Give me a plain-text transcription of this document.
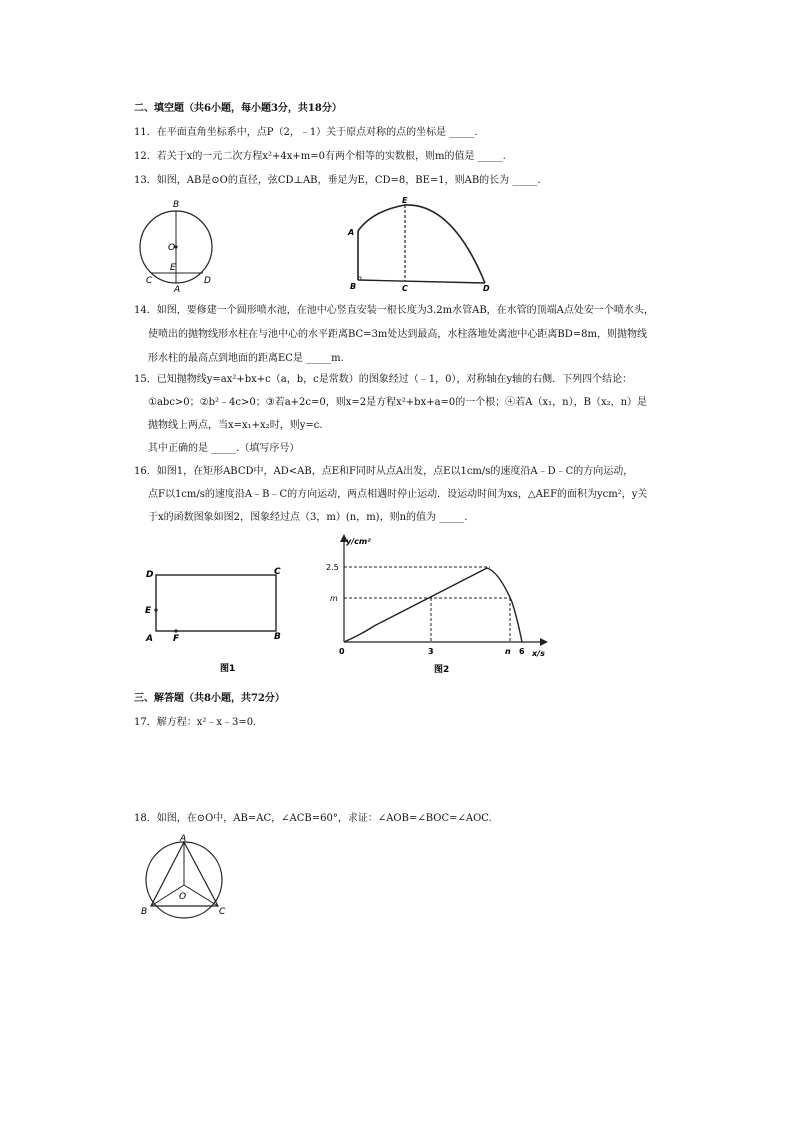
二、填空题（共6小题，每小题3分，共18分）
11．在平面直角坐标系中，点P（2，﹣1）关于原点对称的点的坐标是 _____.
12．若关于x的一元二次方程x²+4x+m=0有两个相等的实数根，则m的值是 _____.
13．如图，AB是⊙O的直径，弦CD⊥AB，垂足为E，CD=8，BE=1，则AB的长为 _____.
B
O
E
C	D
A
E
A
B	C	D
14．如图，要修建一个圆形喷水池，在池中心竖直安装一根长度为3.2m水管AB，在水管的顶端A点处安一个喷水头，
使喷出的抛物线形水柱在与池中心的水平距离BC=3m处达到最高，水柱落地处离池中心距离BD=8m，则抛物线
形水柱的最高点到地面的距离EC是 _____m.
15．已知抛物线y=ax²+bx+c（a，b，c是常数）的图象经过（﹣1，0），对称轴在y轴的右侧．下列四个结论：
①abc>0；②b²﹣4c>0；③若a+2c=0，则x=2是方程x²+bx+a=0的一个根；④若A（x₁，n），B（x₂，n）是
抛物线上两点，当x=x₁+x₂时，则y=c.
其中正确的是 _____.（填写序号）
16．如图1，在矩形ABCD中，AD<AB，点E和F同时从点A出发，点E以1cm/s的速度沿A﹣D﹣C的方向运动，
点F以1cm/s的速度沿A﹣B﹣C的方向运动，两点相遇时停止运动．设运动时间为xs，△AEF的面积为ycm²，y关
于x的函数图象如图2，图象经过点（3，m）(n，m)，则n的值为 _____.
D	C
E
A F	B
图1
y/cm²
x/s
2.5
m
0	3	n 6
图2
三、解答题（共8小题，共72分）
17．解方程：x²﹣x﹣3=0.
18．如图，在⊙O中，AB=AC，∠ACB=60°，求证：∠AOB=∠BOC=∠AOC.
A
B	C
O
